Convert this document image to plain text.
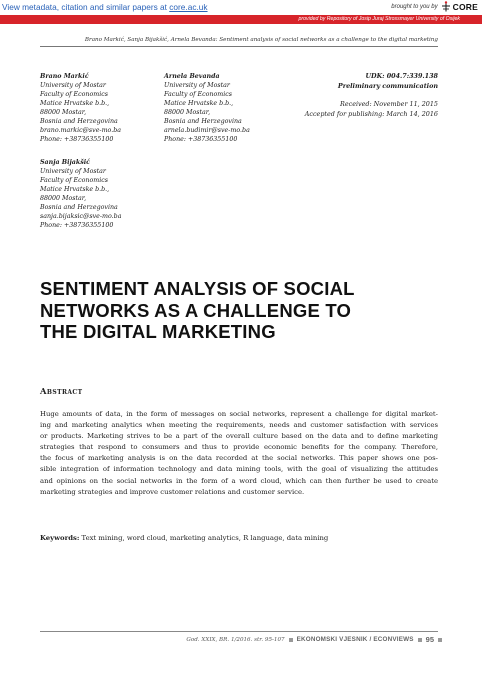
View metadata, citation and similar papers at core.ac.uk	brought to you by CORE
provided by Repository of Josip Juraj Strossmayer University of Osijek
Brano Markić, Sanja Bijakšić, Arnela Bevanda: Sentiment analysis of social networks as a challenge to the digital marketing
Brano Markić
University of Mostar
Faculty of Economics
Matice Hrvatske b.b.,
88000 Mostar,
Bosnia and Herzegovina
brano.markic@sve-mo.ba
Phone: +38736355100
Arnela Bevanda
University of Mostar
Faculty of Economics
Matice Hrvatske b.b.,
88000 Mostar,
Bosnia and Herzegovina
arnela.budimir@sve-mo.ba
Phone: +38736355100
Sanja Bijakšić
University of Mostar
Faculty of Economics
Matice Hrvatske b.b.,
88000 Mostar,
Bosnia and Herzegovina
sanja.bijaksic@sve-mo.ba
Phone: +38736355100
UDK: 004.7:339.138
Preliminary communication
Received: November 11, 2015
Accepted for publishing: March 14, 2016
SENTIMENT ANALYSIS OF SOCIAL
NETWORKS AS A CHALLENGE TO
THE DIGITAL MARKETING
Abstract
Huge amounts of data, in the form of messages on social networks, represent a challenge for digital market-
ing and marketing analytics when meeting the requirements, needs and customer satisfaction with services
or products. Marketing strives to be a part of the overall culture based on the data and to define marketing
strategies that respond to consumers and thus to provide economic benefits for the company. Therefore,
the focus of marketing analysis is on the data recorded at the social networks. This paper shows one pos-
sible integration of information technology and data mining tools, with the goal of visualizing the attitudes
and opinions on the social networks in the form of a word cloud, which can then further be used to create
marketing strategies and improve customer relations and customer service.
Keywords: Text mining, word cloud, marketing analytics, R language, data mining
God. XXIX, BR. 1/2016. str. 95-107 EKONOMSKI VJESNIK / ECONVIEWS 95
